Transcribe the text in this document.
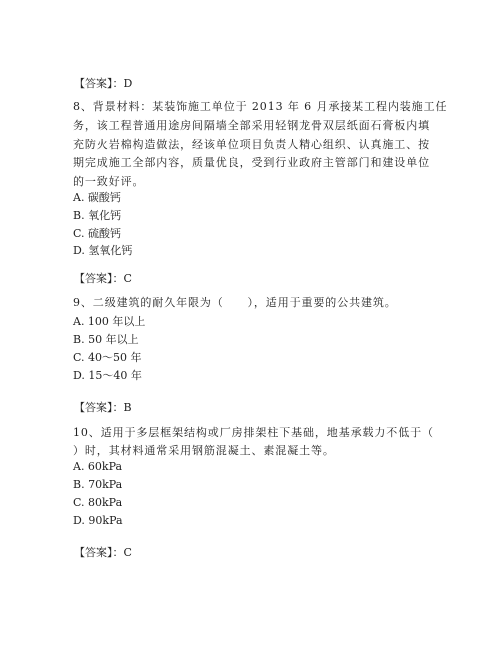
【答案】：D
8、背景材料：某装饰施工单位于 2013 年 6 月承接某工程内装施工任
务，该工程普通用途房间隔墙全部采用轻钢龙骨双层纸面石膏板内填
充防火岩棉构造做法，经该单位项目负责人精心组织、认真施工、按
期完成施工全部内容，质量优良，受到行业政府主管部门和建设单位
的一致好评。
A. 碳酸钙
B. 氧化钙
C. 硫酸钙
D. 氢氧化钙
【答案】：C
9、二级建筑的耐久年限为（　　），适用于重要的公共建筑。
A. 100 年以上
B. 50 年以上
C. 40～50 年
D. 15～40 年
【答案】：B
10、适用于多层框架结构或厂房排架柱下基础，地基承载力不低于（
）时，其材料通常采用钢筋混凝土、素混凝土等。
A. 60kPa
B. 70kPa
C. 80kPa
D. 90kPa
【答案】：C
